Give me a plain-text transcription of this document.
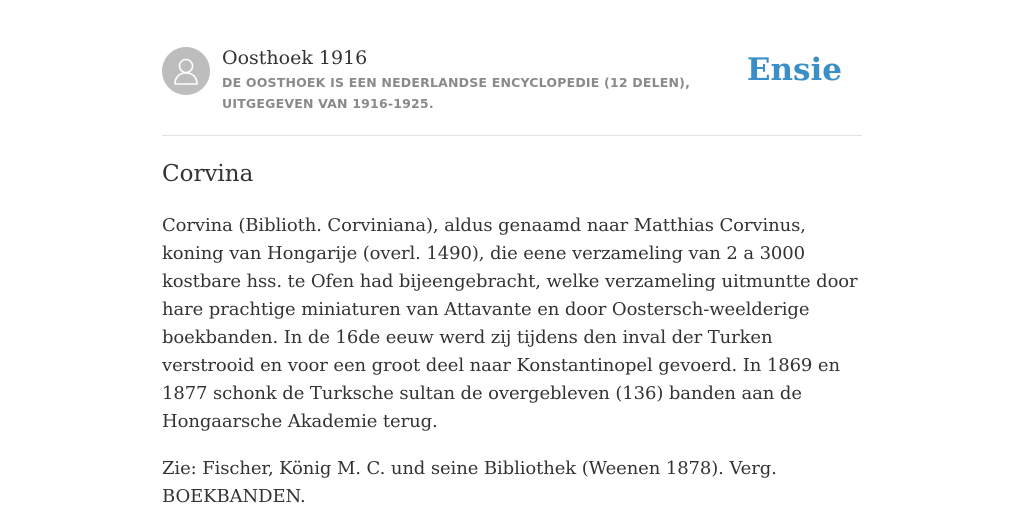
Oosthoek 1916
DE OOSTHOEK IS EEN NEDERLANDSE ENCYCLOPEDIE (12 DELEN), UITGEGEVEN VAN 1916-1925.
Ensie
Corvina

Corvina (Biblioth. Corviniana), aldus genaamd naar Matthias Corvinus, koning van Hongarije (overl. 1490), die eene verzameling van 2 a 3000 kostbare hss. te Ofen had bijeengebracht, welke verzameling uitmuntte door hare prachtige miniaturen van Attavante en door Oostersch-weelderige boekbanden. In de 16de eeuw werd zij tijdens den inval der Turken verstrooid en voor een groot deel naar Konstantinopel gevoerd. In 1869 en 1877 schonk de Turksche sultan de overgebleven (136) banden aan de Hongaarsche Akademie terug.

Zie: Fischer, König M. C. und seine Bibliothek (Weenen 1878). Verg. BOEKBANDEN.
